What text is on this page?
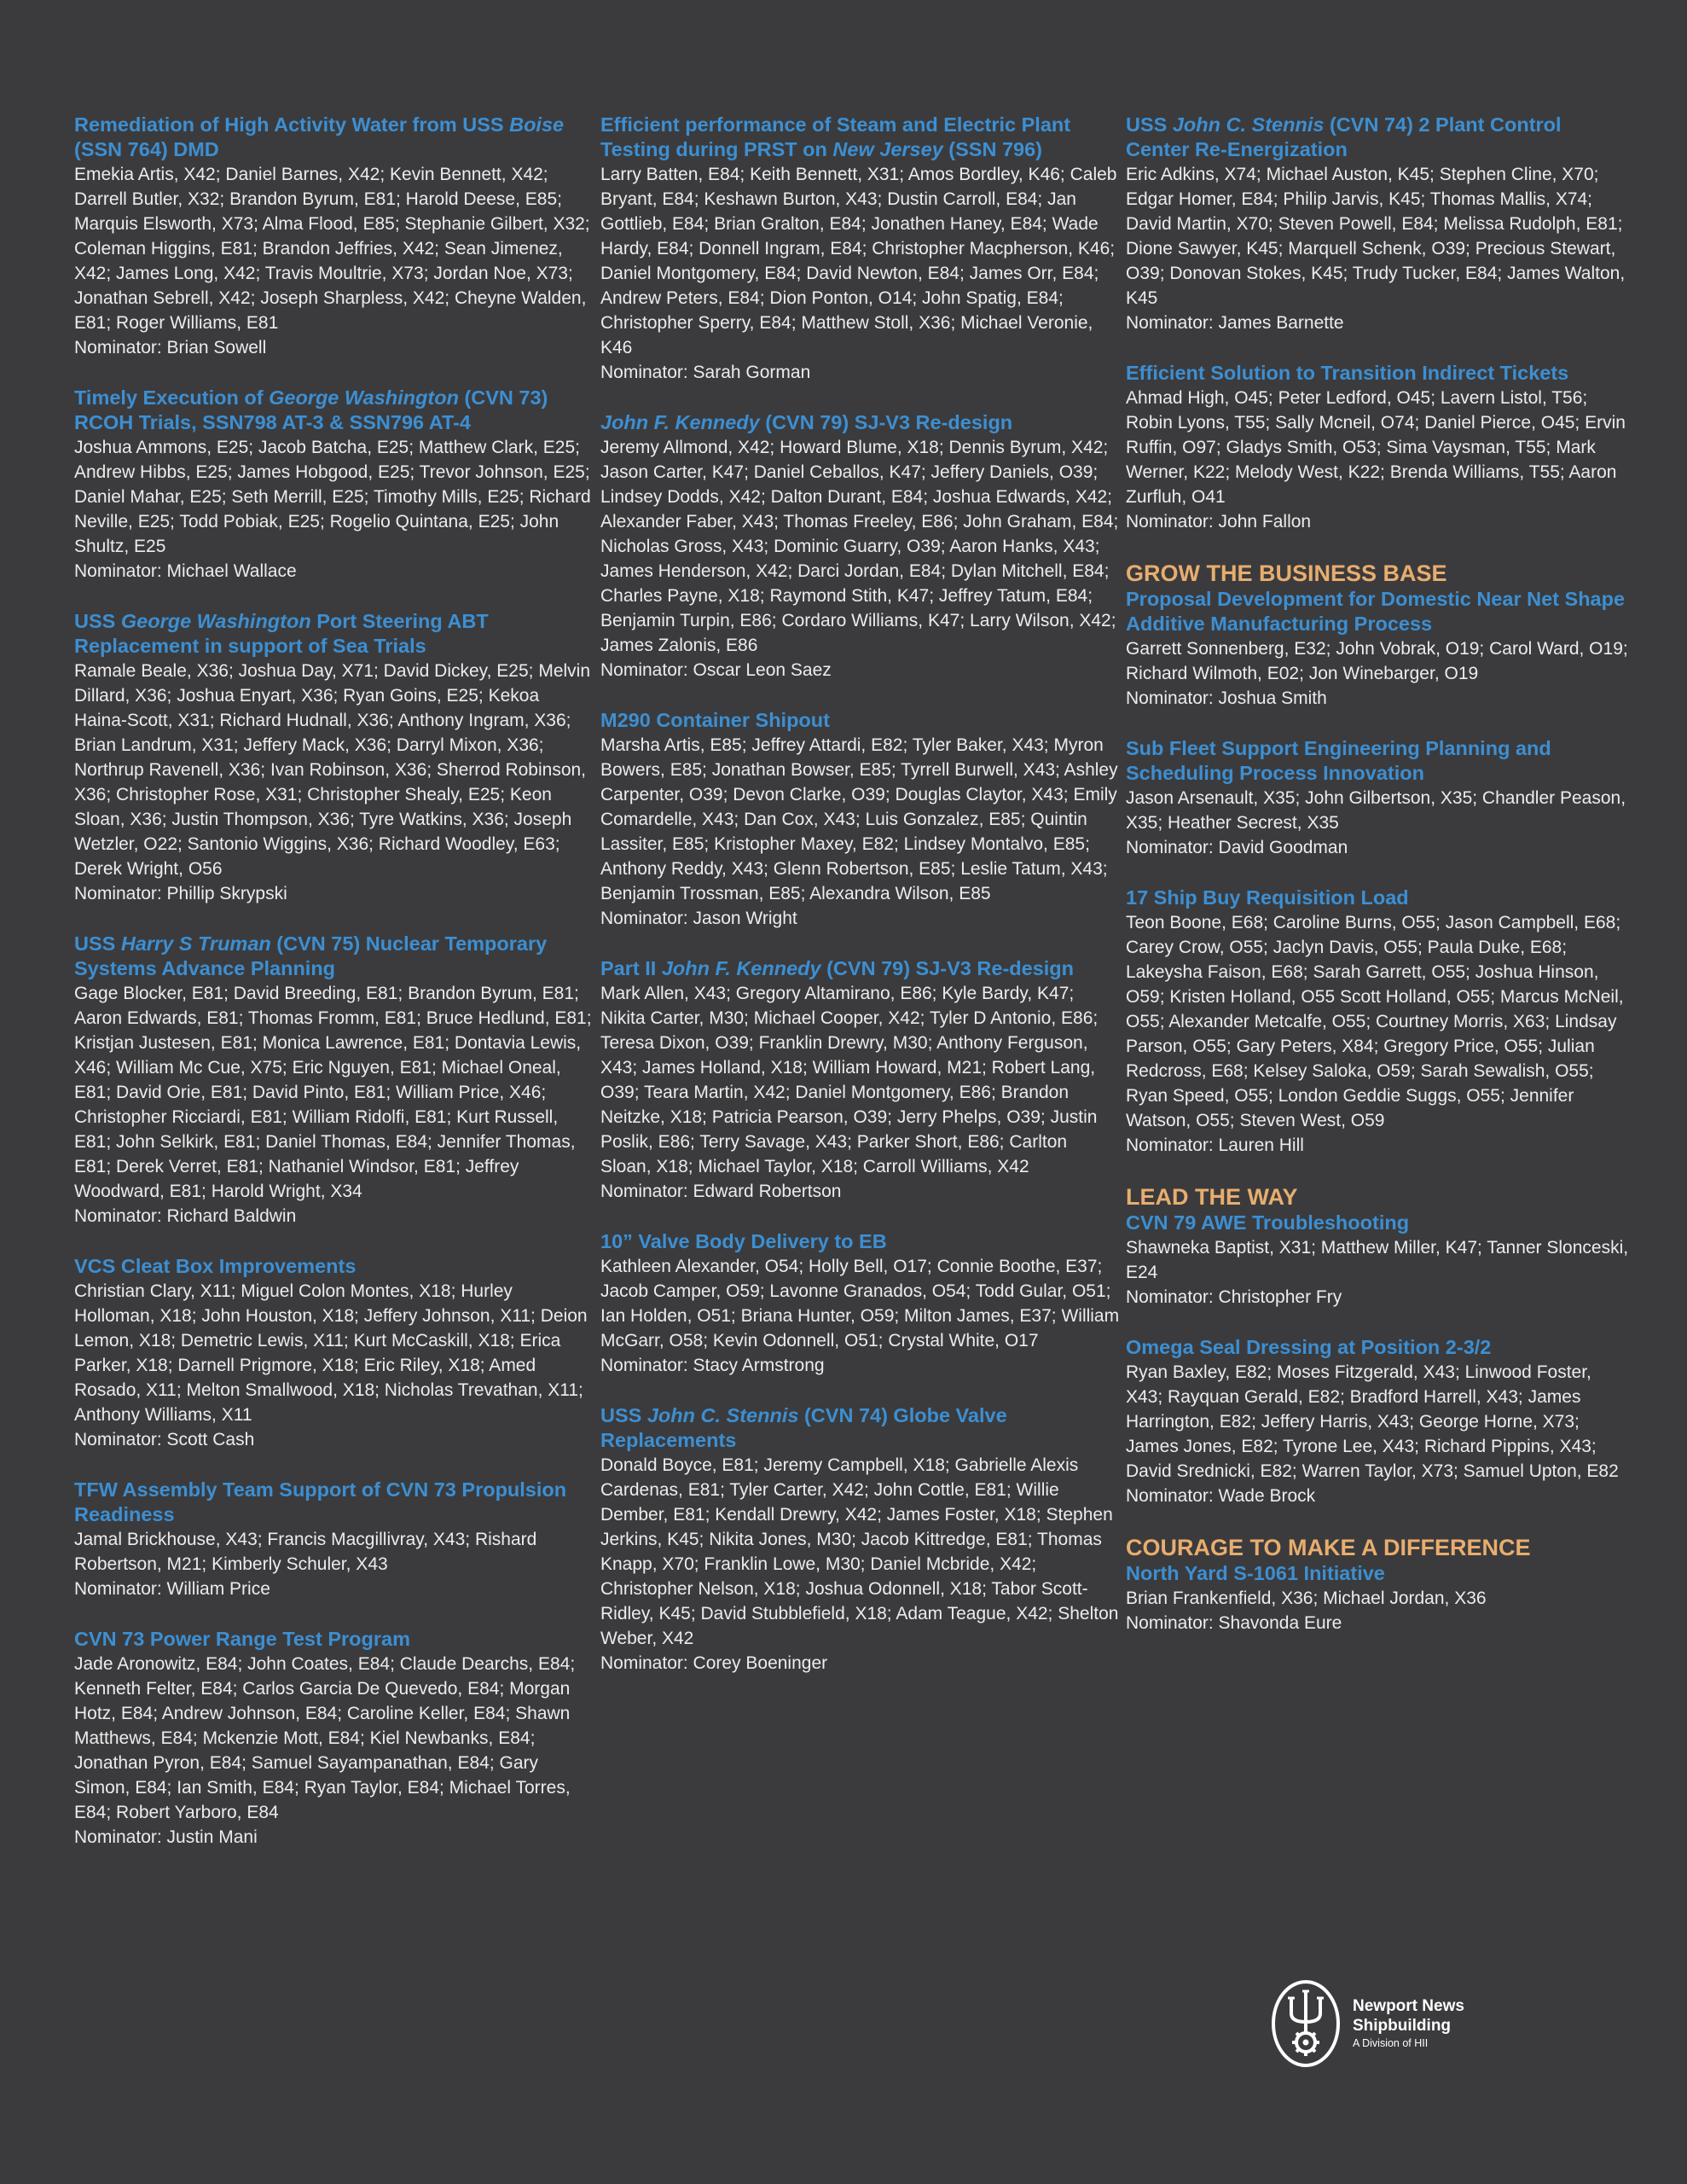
Remediation of High Activity Water from USS Boise (SSN 764) DMD
Emekia Artis, X42; Daniel Barnes, X42; Kevin Bennett, X42; Darrell Butler, X32; Brandon Byrum, E81; Harold Deese, E85; Marquis Elsworth, X73; Alma Flood, E85; Stephanie Gilbert, X32; Coleman Higgins, E81; Brandon Jeffries, X42; Sean Jimenez, X42; James Long, X42; Travis Moultrie, X73; Jordan Noe, X73; Jonathan Sebrell, X42; Joseph Sharpless, X42; Cheyne Walden, E81; Roger Williams, E81
Nominator: Brian Sowell
Timely Execution of George Washington (CVN 73) RCOH Trials, SSN798 AT-3 & SSN796 AT-4
Joshua Ammons, E25; Jacob Batcha, E25; Matthew Clark, E25; Andrew Hibbs, E25; James Hobgood, E25; Trevor Johnson, E25; Daniel Mahar, E25; Seth Merrill, E25; Timothy Mills, E25; Richard Neville, E25; Todd Pobiak, E25; Rogelio Quintana, E25; John Shultz, E25
Nominator: Michael Wallace
USS George Washington Port Steering ABT Replacement in support of Sea Trials
Ramale Beale, X36; Joshua Day, X71; David Dickey, E25; Melvin Dillard, X36; Joshua Enyart, X36; Ryan Goins, E25; Kekoa Haina-Scott, X31; Richard Hudnall, X36; Anthony Ingram, X36; Brian Landrum, X31; Jeffery Mack, X36; Darryl Mixon, X36; Northrup Ravenell, X36; Ivan Robinson, X36; Sherrod Robinson, X36; Christopher Rose, X31; Christopher Shealy, E25; Keon Sloan, X36; Justin Thompson, X36; Tyre Watkins, X36; Joseph Wetzler, O22; Santonio Wiggins, X36; Richard Woodley, E63; Derek Wright, O56
Nominator: Phillip Skrypski
USS Harry S Truman (CVN 75) Nuclear Temporary Systems Advance Planning
Gage Blocker, E81; David Breeding, E81; Brandon Byrum, E81; Aaron Edwards, E81; Thomas Fromm, E81; Bruce Hedlund, E81; Kristjan Justesen, E81; Monica Lawrence, E81; Dontavia Lewis, X46; William Mc Cue, X75; Eric Nguyen, E81; Michael Oneal, E81; David Orie, E81; David Pinto, E81; William Price, X46; Christopher Ricciardi, E81; William Ridolfi, E81; Kurt Russell, E81; John Selkirk, E81; Daniel Thomas, E84; Jennifer Thomas, E81; Derek Verret, E81; Nathaniel Windsor, E81; Jeffrey Woodward, E81; Harold Wright, X34
Nominator: Richard Baldwin
VCS Cleat Box Improvements
Christian Clary, X11; Miguel Colon Montes, X18; Hurley Holloman, X18; John Houston, X18; Jeffery Johnson, X11; Deion Lemon, X18; Demetric Lewis, X11; Kurt McCaskill, X18; Erica Parker, X18; Darnell Prigmore, X18; Eric Riley, X18; Amed Rosado, X11; Melton Smallwood, X18; Nicholas Trevathan, X11; Anthony Williams, X11
Nominator: Scott Cash
TFW Assembly Team Support of CVN 73 Propulsion Readiness
Jamal Brickhouse, X43; Francis Macgillivray, X43; Rishard Robertson, M21; Kimberly Schuler, X43
Nominator: William Price
CVN 73 Power Range Test Program
Jade Aronowitz, E84; John Coates, E84; Claude Dearchs, E84; Kenneth Felter, E84; Carlos Garcia De Quevedo, E84; Morgan Hotz, E84; Andrew Johnson, E84; Caroline Keller, E84; Shawn Matthews, E84; Mckenzie Mott, E84; Kiel Newbanks, E84; Jonathan Pyron, E84; Samuel Sayampanathan, E84; Gary Simon, E84; Ian Smith, E84; Ryan Taylor, E84; Michael Torres, E84; Robert Yarboro, E84
Nominator: Justin Mani
Efficient performance of Steam and Electric Plant Testing during PRST on New Jersey (SSN 796)
Larry Batten, E84; Keith Bennett, X31; Amos Bordley, K46; Caleb Bryant, E84; Keshawn Burton, X43; Dustin Carroll, E84; Jan Gottlieb, E84; Brian Gralton, E84; Jonathen Haney, E84; Wade Hardy, E84; Donnell Ingram, E84; Christopher Macpherson, K46; Daniel Montgomery, E84; David Newton, E84; James Orr, E84; Andrew Peters, E84; Dion Ponton, O14; John Spatig, E84; Christopher Sperry, E84; Matthew Stoll, X36; Michael Veronie, K46
Nominator: Sarah Gorman
John F. Kennedy (CVN 79) SJ-V3 Re-design
Jeremy Allmond, X42; Howard Blume, X18; Dennis Byrum, X42; Jason Carter, K47; Daniel Ceballos, K47; Jeffery Daniels, O39; Lindsey Dodds, X42; Dalton Durant, E84; Joshua Edwards, X42; Alexander Faber, X43; Thomas Freeley, E86; John Graham, E84; Nicholas Gross, X43; Dominic Guarry, O39; Aaron Hanks, X43; James Henderson, X42; Darci Jordan, E84; Dylan Mitchell, E84; Charles Payne, X18; Raymond Stith, K47; Jeffrey Tatum, E84; Benjamin Turpin, E86; Cordaro Williams, K47; Larry Wilson, X42; James Zalonis, E86
Nominator: Oscar Leon Saez
M290 Container Shipout
Marsha Artis, E85; Jeffrey Attardi, E82; Tyler Baker, X43; Myron Bowers, E85; Jonathan Bowser, E85; Tyrrell Burwell, X43; Ashley Carpenter, O39; Devon Clarke, O39; Douglas Claytor, X43; Emily Comardelle, X43; Dan Cox, X43; Luis Gonzalez, E85; Quintin Lassiter, E85; Kristopher Maxey, E82; Lindsey Montalvo, E85; Anthony Reddy, X43; Glenn Robertson, E85; Leslie Tatum, X43; Benjamin Trossman, E85; Alexandra Wilson, E85
Nominator: Jason Wright
Part II John F. Kennedy (CVN 79) SJ-V3 Re-design
Mark Allen, X43; Gregory Altamirano, E86; Kyle Bardy, K47; Nikita Carter, M30; Michael Cooper, X42; Tyler D Antonio, E86; Teresa Dixon, O39; Franklin Drewry, M30; Anthony Ferguson, X43; James Holland, X18; William Howard, M21; Robert Lang, O39; Teara Martin, X42; Daniel Montgomery, E86; Brandon Neitzke, X18; Patricia Pearson, O39; Jerry Phelps, O39; Justin Poslik, E86; Terry Savage, X43; Parker Short, E86; Carlton Sloan, X18; Michael Taylor, X18; Carroll Williams, X42
Nominator: Edward Robertson
10” Valve Body Delivery to EB
Kathleen Alexander, O54; Holly Bell, O17; Connie Boothe, E37; Jacob Camper, O59; Lavonne Granados, O54; Todd Gular, O51; Ian Holden, O51; Briana Hunter, O59; Milton James, E37; William McGarr, O58; Kevin Odonnell, O51; Crystal White, O17
Nominator: Stacy Armstrong
USS John C. Stennis (CVN 74) Globe Valve Replacements
Donald Boyce, E81; Jeremy Campbell, X18; Gabrielle Alexis Cardenas, E81; Tyler Carter, X42; John Cottle, E81; Willie Dember, E81; Kendall Drewry, X42; James Foster, X18; Stephen Jerkins, K45; Nikita Jones, M30; Jacob Kittredge, E81; Thomas Knapp, X70; Franklin Lowe, M30; Daniel Mcbride, X42; Christopher Nelson, X18; Joshua Odonnell, X18; Tabor Scott-Ridley, K45; David Stubblefield, X18; Adam Teague, X42; Shelton Weber, X42
Nominator: Corey Boeninger
USS John C. Stennis (CVN 74) 2 Plant Control Center Re-Energization
Eric Adkins, X74; Michael Auston, K45; Stephen Cline, X70; Edgar Homer, E84; Philip Jarvis, K45; Thomas Mallis, X74; David Martin, X70; Steven Powell, E84; Melissa Rudolph, E81; Dione Sawyer, K45; Marquell Schenk, O39; Precious Stewart, O39; Donovan Stokes, K45; Trudy Tucker, E84; James Walton, K45
Nominator: James Barnette
Efficient Solution to Transition Indirect Tickets
Ahmad High, O45; Peter Ledford, O45; Lavern Listol, T56; Robin Lyons, T55; Sally Mcneil, O74; Daniel Pierce, O45; Ervin Ruffin, O97; Gladys Smith, O53; Sima Vaysman, T55; Mark Werner, K22; Melody West, K22; Brenda Williams, T55; Aaron Zurfluh, O41
Nominator: John Fallon
GROW THE BUSINESS BASE
Proposal Development for Domestic Near Net Shape Additive Manufacturing Process
Garrett Sonnenberg, E32; John Vobrak, O19; Carol Ward, O19; Richard Wilmoth, E02; Jon Winebarger, O19
Nominator: Joshua Smith
Sub Fleet Support Engineering Planning and Scheduling Process Innovation
Jason Arsenault, X35; John Gilbertson, X35; Chandler Peason, X35; Heather Secrest, X35
Nominator: David Goodman
17 Ship Buy Requisition Load
Teon Boone, E68; Caroline Burns, O55; Jason Campbell, E68; Carey Crow, O55; Jaclyn Davis, O55; Paula Duke, E68; Lakeysha Faison, E68; Sarah Garrett, O55; Joshua Hinson, O59; Kristen Holland, O55 Scott Holland, O55; Marcus McNeil, O55; Alexander Metcalfe, O55; Courtney Morris, X63; Lindsay Parson, O55; Gary Peters, X84; Gregory Price, O55; Julian Redcross, E68; Kelsey Saloka, O59; Sarah Sewalish, O55; Ryan Speed, O55; London Geddie Suggs, O55; Jennifer Watson, O55; Steven West, O59
Nominator: Lauren Hill
LEAD THE WAY
CVN 79 AWE Troubleshooting
Shawneka Baptist, X31; Matthew Miller, K47; Tanner Slonceski, E24
Nominator: Christopher Fry
Omega Seal Dressing at Position 2-3/2
Ryan Baxley, E82; Moses Fitzgerald, X43; Linwood Foster, X43; Rayquan Gerald, E82; Bradford Harrell, X43; James Harrington, E82; Jeffery Harris, X43; George Horne, X73; James Jones, E82; Tyrone Lee, X43; Richard Pippins, X43; David Srednicki, E82; Warren Taylor, X73; Samuel Upton, E82
Nominator: Wade Brock
COURAGE TO MAKE A DIFFERENCE
North Yard S-1061 Initiative
Brian Frankenfield, X36; Michael Jordan, X36
Nominator: Shavonda Eure
Newport News
Shipbuilding
A Division of HII
